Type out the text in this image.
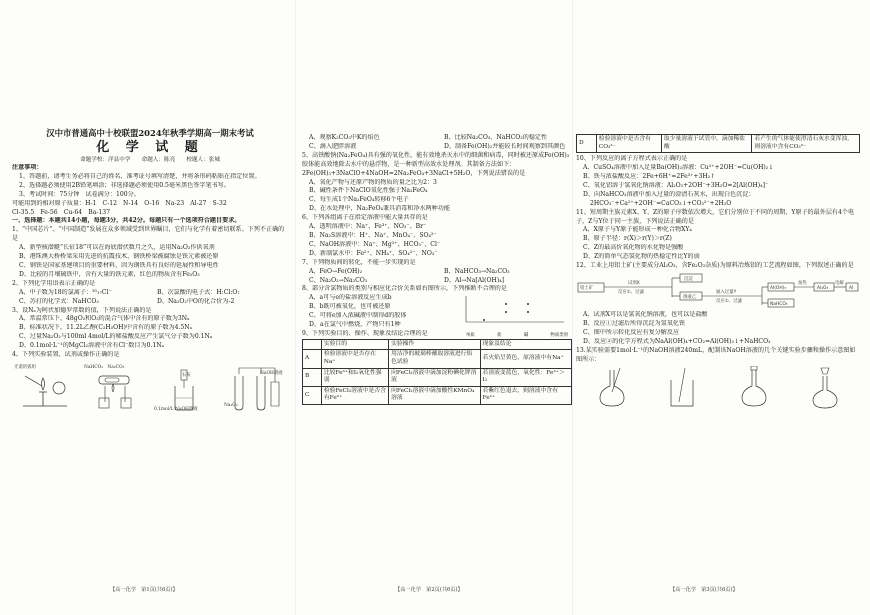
汉中市普通高中十校联盟2024年秋季学期高一期末考试
化 学 试 题
命题学校：洋县中学　　命题人：陈亮　　校题人：张城
注意事项：
1、答题前，请考生务必将自己的姓名、准考证号填写清楚，并将条形码粘贴在指定位置。
2、选择题必须使用2B铅笔填涂；非选择题必须使用0.5毫米黑色签字笔书写。
3、考试时间：75分钟　试卷满分：100分。
可能用到的相对原子质量：H-1　C-12　N-14　O-16　Na-23　Al-27　S-32
Cl-35.5　Fe-56　Cu-64　Ba-137
一、选择题：本题共14小题，每题3分，共42分。每题只有一个选项符合题目要求。
1、“中国芯片”、“中国制造”发展在众多领域受到世界瞩目，它们与化学有着密切联系。下列不正确的是
A、新型核潜艇“长征18”可以在海底潜伏数月之久，运用Na₂O₂作供氧剂
B、港珠澳大桥桥梁采用先进的抗震技术，钢铁桥梁被腐蚀是铁元素被还原
C、钢铁是国家基建项目的重要材料，因为钢铁具有良好的延展性和导电性
D、比较的月壤硫铁中，含有大量的铁元素，红色的物质含有Fe₂O₃
2、下列化学用语表示正确的是
A、中子数为18的氯离子：³⁵₁₇Cl⁻	B、次氯酸的电子式：H:Cl:O:
C、苏打的化学式：NaHCO₃	D、Na₂O₂中O的化合价为-2
3、设Nₐ为阿伏加德罗常数的值，下列说法正确的是
A、常温常压下，48gO₂和O₃的混合气体中含有的原子数为3Nₐ
B、标准状况下，11.2L乙醇(C₂H₅OH)中含有的原子数为4.5Nₐ
C、过量Na₂O₂与100ml 4mol/L的稀盐酸反应产生氯气分子数为0.1Nₐ
D、0.1mol·L⁻¹的MgCl₂溶液中含有Cl⁻数目为0.1Nₐ
4、下列实验装置、试剂或操作正确的是
光谱的弧组	NaHCO₃　Na₂CO₃
石灰
0.1mol/L NaOH溶液
Na₂O₂
NaOH溶液
【高一化学　第1页(共6页)】
A、观察K₂CO₃中K的焰色	B、比较Na₂CO₃、NaHCO₃的稳定性
C、滴入肥胖溶液	D、制备Fe(OH)₂并能较长时间观察到其颜色
5、高铁酸钠(Na₂FeO₄)具有强的氧化性，能有效地杀灭水中的细菌和病毒，同时被还原成Fe(OH)₃胶体能高效地除去水中的悬浮物，是一种新型高效水处理剂。其制备方法如下：2Fe(OH)₃+3NaClO+4NaOH=2Na₂FeO₄+3NaCl+5H₂O，下列说法错误的是
A、氧化产物与还原产物的物质的量之比为2：3
B、碱性条件下NaClO氧化性强于Na₂FeO₄
C、每生成1个Na₂FeO₄转移6个电子
D、在水处理中，Na₂FeO₄兼具消毒和净水两种功能
6、下列各组离子在指定溶液中能大量共存的是
A、透明溶液中：Na⁺、Fe³⁺、NO₃⁻、Br⁻
B、Na₂S溶液中：H⁺、Na⁺、MnO₄⁻、SO₄²⁻
C、NaOH溶液中：Na⁺、Mg²⁺、HCO₃⁻、Cl⁻
D、新制氯水中：Fe²⁺、NH₄⁺、SO₄²⁻、NO₃⁻
7、下列物质间的转化，不能一步实现的是
A、FeO→Fe(OH)₂	B、NaHCO₃→Na₂CO₃
C、Na₂O₂→Na₂CO₃	D、Al→Na[Al(OH)₄]
8、部分含氯物质的类别与相应化合价关系如右图所示，下列推断不合理的是
A、a可与e的盐溶液反应生成b
B、b既可被氧化，也可被还原
C、可将e加入浓碱液中制得d的胶体
D、a在氯气中燃烧，产物只有1种
单质	盐	碱	物质类别
9、下列实验目的、操作、现象及结论合理的是
	实验目的	实验操作	现象及结论
A	检验溶液中是否存在Na⁺	用洁净的玻璃棒蘸取溶液进行焰色试验	若火焰呈黄色，原溶液中有Na⁺
B	比较Fe³⁺和I₂氧化性强弱	向FeCl₃溶液中滴加淀粉碘化钾溶液	若溶液变蓝色，氧化性：Fe³⁺＞I₂
C	检验FeCl₂溶液中是否含有Fe²⁺	向FeCl₂溶液中滴加酸性KMnO₄溶液	若紫红色退去，则溶液中含有Fe²⁺
【高一化学　第2页(共6页)】
D	检验溶液中是否含有CO₃²⁻	取少量溶液于试管中，滴加稀盐酸	若产生的气体能使澄清石灰水变浑浊，则溶液中含有CO₃²⁻
10、下列反应的离子方程式表示正确的是
A、CuSO₄溶液中加入足量Ba(OH)₂溶液：Cu²⁺+2OH⁻=Cu(OH)₂↓
B、铁与浓盐酸反应：2Fe+6H⁺=2Fe³⁺+3H₂↑
C、氧化铝溶于氢氧化钠溶液：Al₂O₃+2OH⁻+3H₂O=2[Al(OH)₄]⁻
D、向NaHCO₃溶液中加入过量的澄清石灰水，出现白色沉淀：
2HCO₃⁻+Ca²⁺+2OH⁻=CaCO₃↓+CO₃²⁻+2H₂O
11、短周期主族元素X、Y、Z的原子序数依次增大，它们分别位于不同的周期，Y原子的最外层有4个电子，Z与Y位于同一主族，下列说法正确的是
A、X原子与Y原子能形成一种化合物XY₄
B、原子半径：r(X)＞r(Y)＞r(Z)
C、Z的最高价氧化物的水化物是强酸
D、Z的简单气态氢化物的热稳定性比Y的弱
12、工业上用铝土矿(主要成分Al₂O₃，含Fe₂O₃杂质)为原料冶炼铝的工艺流程如图，下列叙述正确的是
铝土矿
试剂X
反应①、过滤
沉淀
溶液乙
通入过量Y
反应②、过滤
Al(OH)₃
NaHCO₃
加热
Al₂O₃
电解
Al
A、试剂X可以是氢氧化钠溶液，也可以是盐酸
B、反应①过滤后所得沉淀为氢氧化铁
C、图中所示转化反应有复分解反应
D、反应②的化学方程式为NaAl(OH)₄+CO₂=Al(OH)₃↓+NaHCO₃
13.某实验需要1mol·L⁻¹的NaOH溶液240mL，配制该NaOH溶液的几个关键实验步骤和操作示意图如图所示：
【高一化学　第3页(共6页)】
